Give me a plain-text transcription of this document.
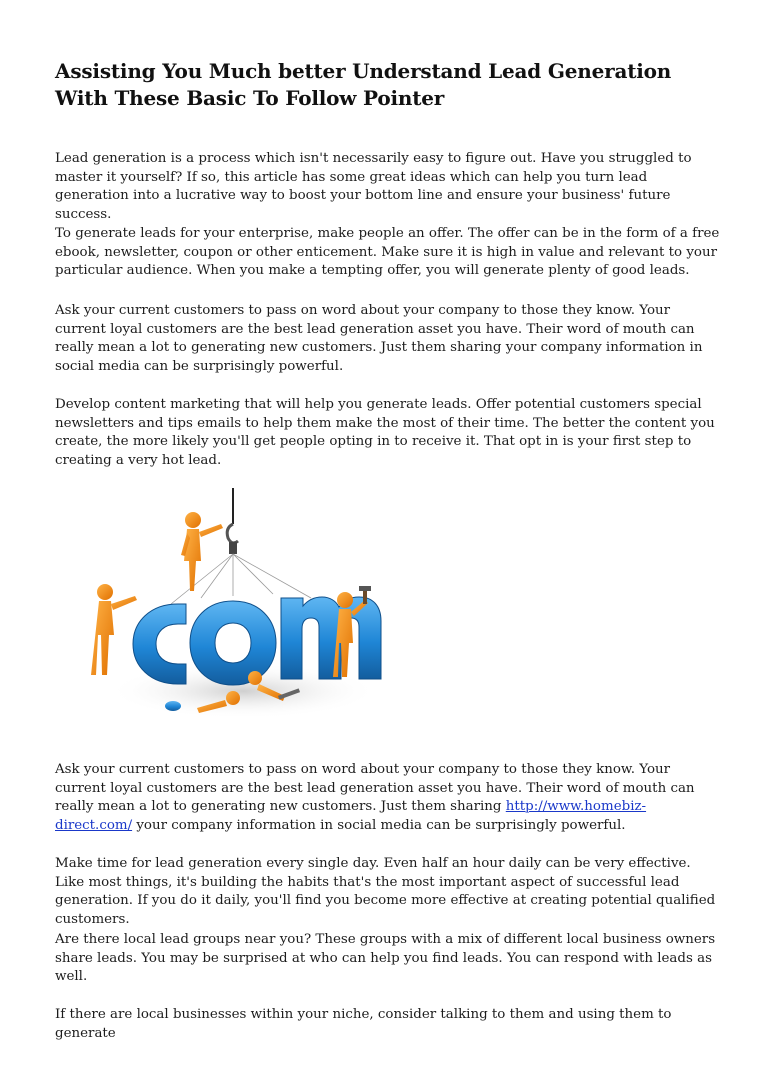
Assisting You Much better Understand Lead Generation With These Basic To Follow Pointer

Lead generation is a process which isn't necessarily easy to figure out. Have you struggled to master it yourself? If so, this article has some great ideas which can help you turn lead generation into a lucrative way to boost your bottom line and ensure your business' future success.

To generate leads for your enterprise, make people an offer. The offer can be in the form of a free ebook, newsletter, coupon or other enticement. Make sure it is high in value and relevant to your particular audience. When you make a tempting offer, you will generate plenty of good leads.

Ask your current customers to pass on word about your company to those they know. Your current loyal customers are the best lead generation asset you have. Their word of mouth can really mean a lot to generating new customers. Just them sharing your company information in social media can be surprisingly powerful.

Develop content marketing that will help you generate leads. Offer potential customers special newsletters and tips emails to help them make the most of their time. The better the content you create, the more likely you'll get people opting in to receive it. That opt in is your first step to creating a very hot lead.

Ask your current customers to pass on word about your company to those they know. Your current loyal customers are the best lead generation asset you have. Their word of mouth can really mean a lot to generating new customers. Just them sharing http://www.homebiz-direct.com/ your company information in social media can be surprisingly powerful.

Make time for lead generation every single day. Even half an hour daily can be very effective. Like most things, it's building the habits that's the most important aspect of successful lead generation. If you do it daily, you'll find you become more effective at creating potential qualified customers.

Are there local lead groups near you? These groups with a mix of different local business owners share leads. You may be surprised at who can help you find leads. You can respond with leads as well.

If there are local businesses within your niche, consider talking to them and using them to generate
